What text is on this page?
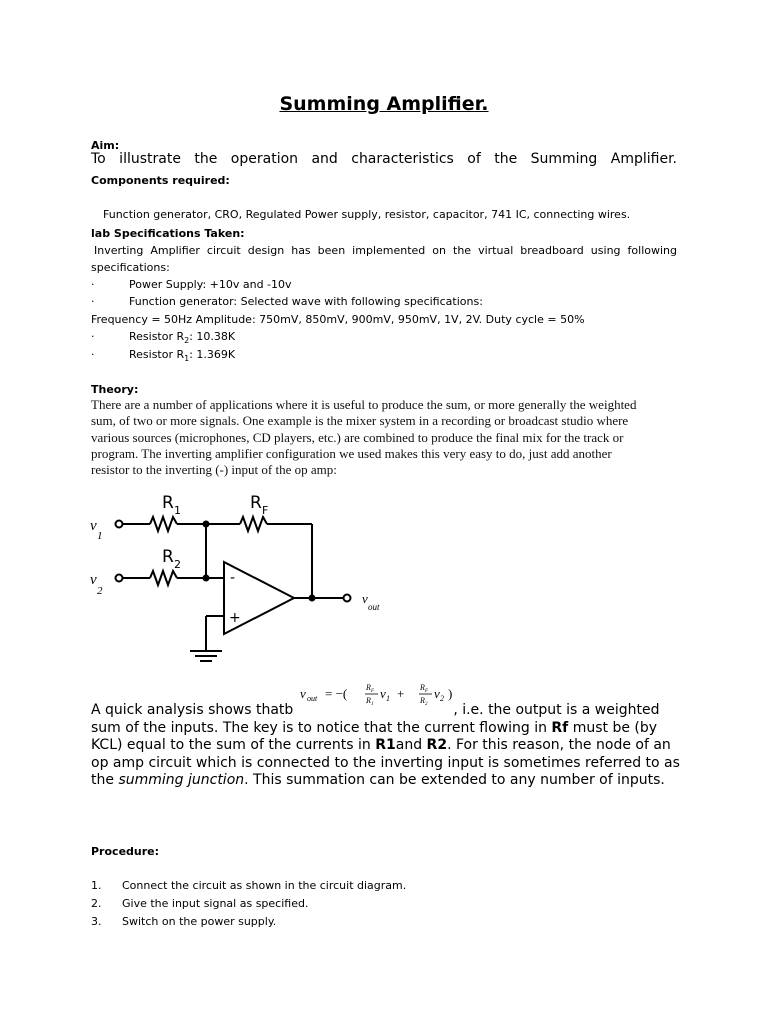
Summing Amplifier.
Aim:
To illustrate the operation and characteristics of the Summing Amplifier.
Components required:
Function generator, CRO, Regulated Power supply, resistor, capacitor, 741 IC, connecting wires.
lab Specifications Taken:
Inverting Amplifier circuit design has been implemented on the virtual breadboard using following specifications:
·	Power Supply: +10v and -10v
·	Function generator: Selected wave with following specifications:
Frequency = 50Hz Amplitude: 750mV, 850mV, 900mV, 950mV, 1V, 2V. Duty cycle = 50%
·	Resistor $R_2$: 10.38K
·	Resistor $R_1$: 1.369K
Theory:
There are a number of applications where it is useful to produce the sum, or more generally the weighted
sum, of two or more signals. One example is the mixer system in a recording or broadcast studio where
various sources (microphones, CD players, etc.) are combined to produce the final mix for the track or
program. The inverting amplifier configuration we used makes this very easy to do, just add another
resistor to the inverting (-) input of the op amp:
R 1	R F
R 2
-
+
v
1
v
2	v
out
v out = −( R F
R 1
v 1 + R F
R 2
v 2 )
A quick analysis shows thatb	, i.e. the output is a weighted
sum of the inputs. The key is to notice that the current flowing in Rf must be (by
KCL) equal to the sum of the currents in R1and R2. For this reason, the node of an
op amp circuit which is connected to the inverting input is sometimes referred to as
the summing junction. This summation can be extended to any number of inputs.
Procedure:
1. Connect the circuit as shown in the circuit diagram.
2. Give the input signal as specified.
3. Switch on the power supply.
